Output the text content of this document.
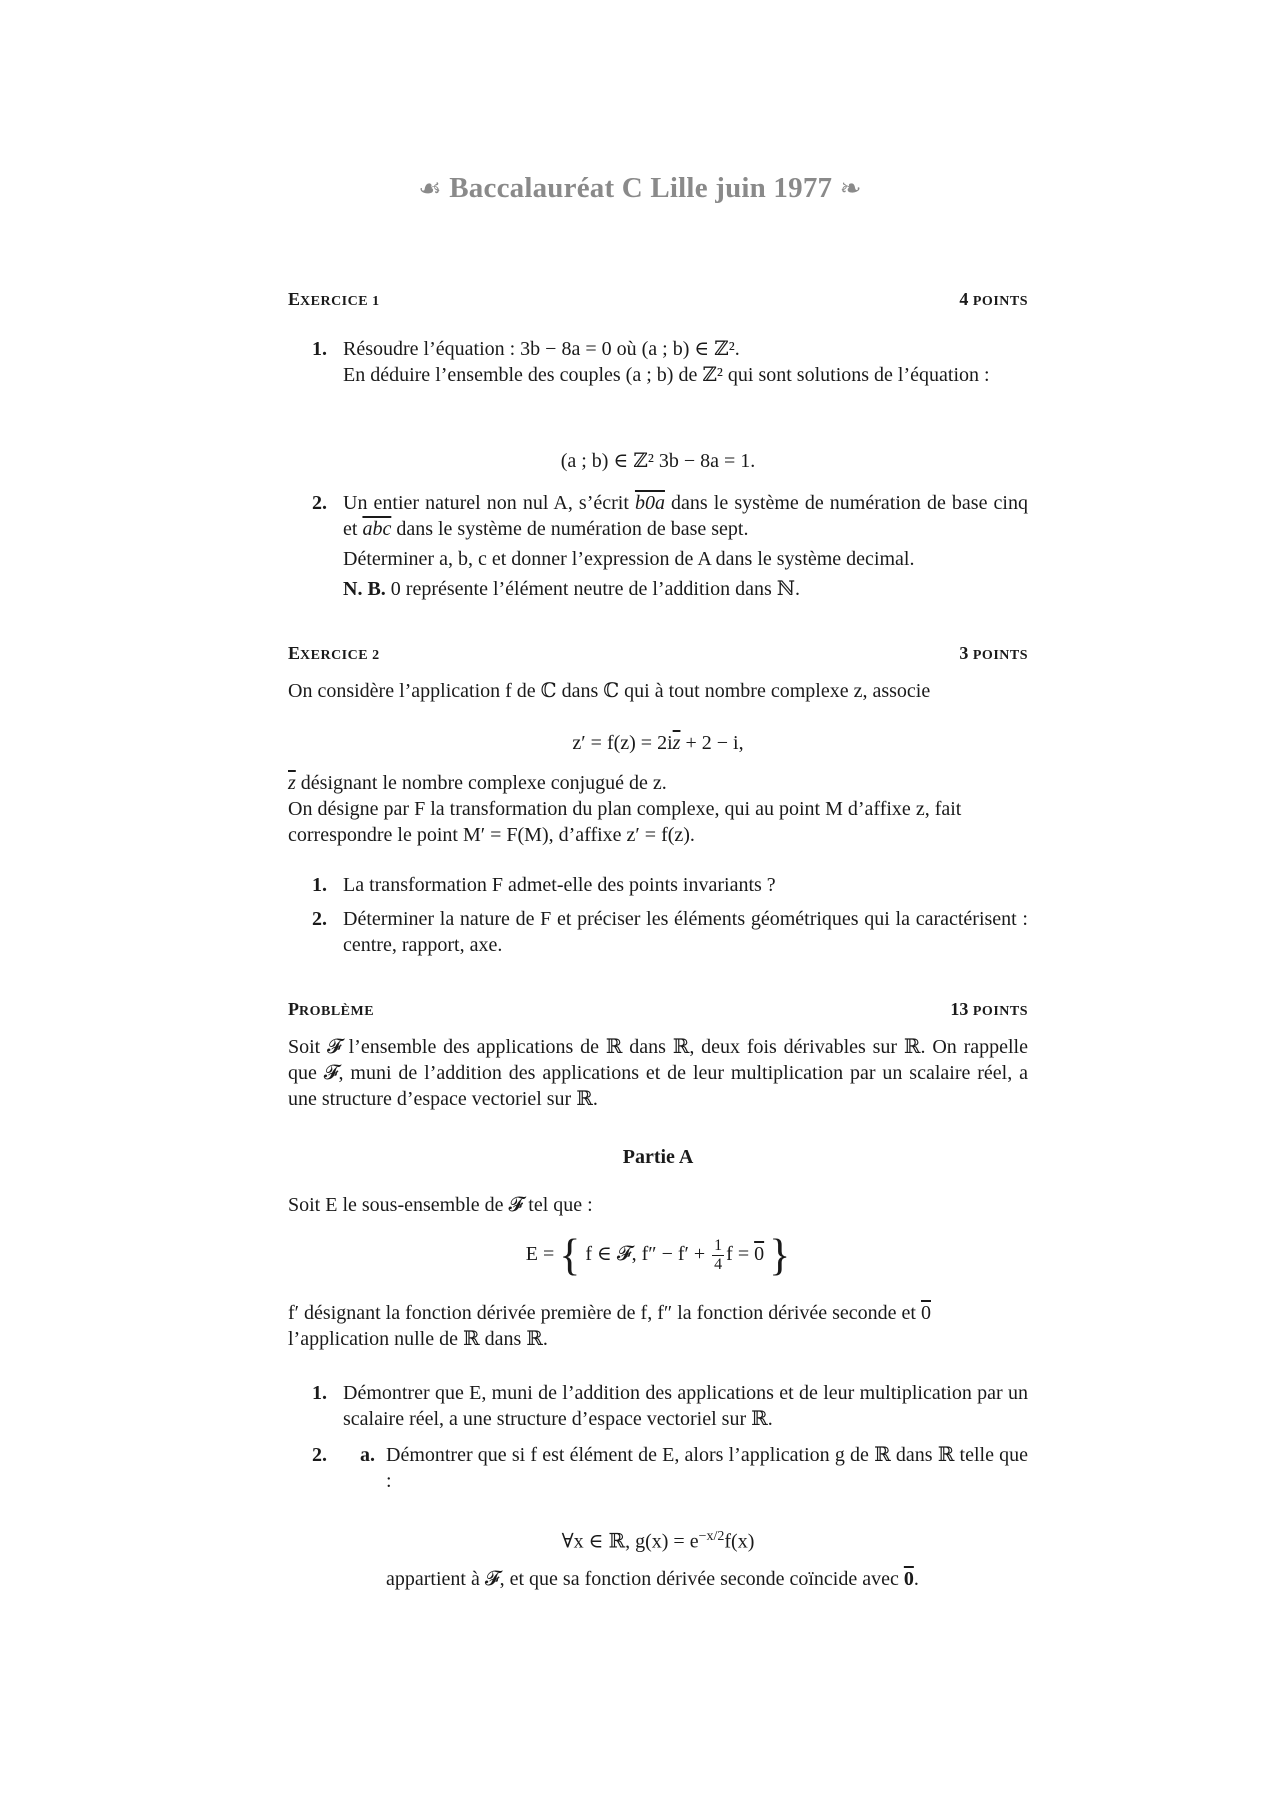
☙ Baccalauréat C Lille juin 1977 ❧
EXERCICE 1	4 POINTS
1. Résoudre l’équation : 3b − 8a = 0 où (a ; b) ∈ ℤ².
En déduire l’ensemble des couples (a ; b) de ℤ² qui sont solutions de l’équation :
(a ; b) ∈ ℤ² 3b − 8a = 1.
2. Un entier naturel non nul A, s’écrit b0a dans le système de numération de base cinq et $\overline{abc}$ dans le système de numération de base sept.
Déterminer a, b, c et donner l’expression de A dans le système decimal.
N. B. 0 représente l’élément neutre de l’addition dans ℕ.
EXERCICE 2	3 POINTS
On considère l’application f de ℂ dans ℂ qui à tout nombre complexe z, associe
$z' = f(z) = 2i\overline{z} + 2 - i$,
$\overline{z}$ désignant le nombre complexe conjugué de z.
On désigne par F la transformation du plan complexe, qui au point M d’affixe z, fait correspondre le point M′ = F(M), d’affixe z′ = f(z).
1. La transformation F admet-elle des points invariants ?
2. Déterminer la nature de F et préciser les éléments géométriques qui la caractérisent : centre, rapport, axe.
PROBLÈME	13 POINTS
Soit 𝓕 l’ensemble des applications de ℝ dans ℝ, deux fois dérivables sur ℝ. On rappelle que 𝓕, muni de l’addition des applications et de leur multiplication par un scalaire réel, a une structure d’espace vectoriel sur ℝ.
Partie A
Soit E le sous-ensemble de 𝓕 tel que :
E = { f ∈ 𝓕, $f'' - f' + \frac{1}{4}$ f = 0 }
f′ désignant la fonction dérivée première de f, f″ la fonction dérivée seconde et 0
l’application nulle de ℝ dans ℝ.
1. Démontrer que E, muni de l’addition des applications et de leur multiplication par un scalaire réel, a une structure d’espace vectoriel sur ℝ.
2. a. Démontrer que si f est élément de E, alors l’application g de ℝ dans ℝ telle que :
∀x ∈ ℝ, $g(x) = e^{-x/2}f(x)$
appartient à 𝓕, et que sa fonction dérivée seconde coïncide avec 0.
